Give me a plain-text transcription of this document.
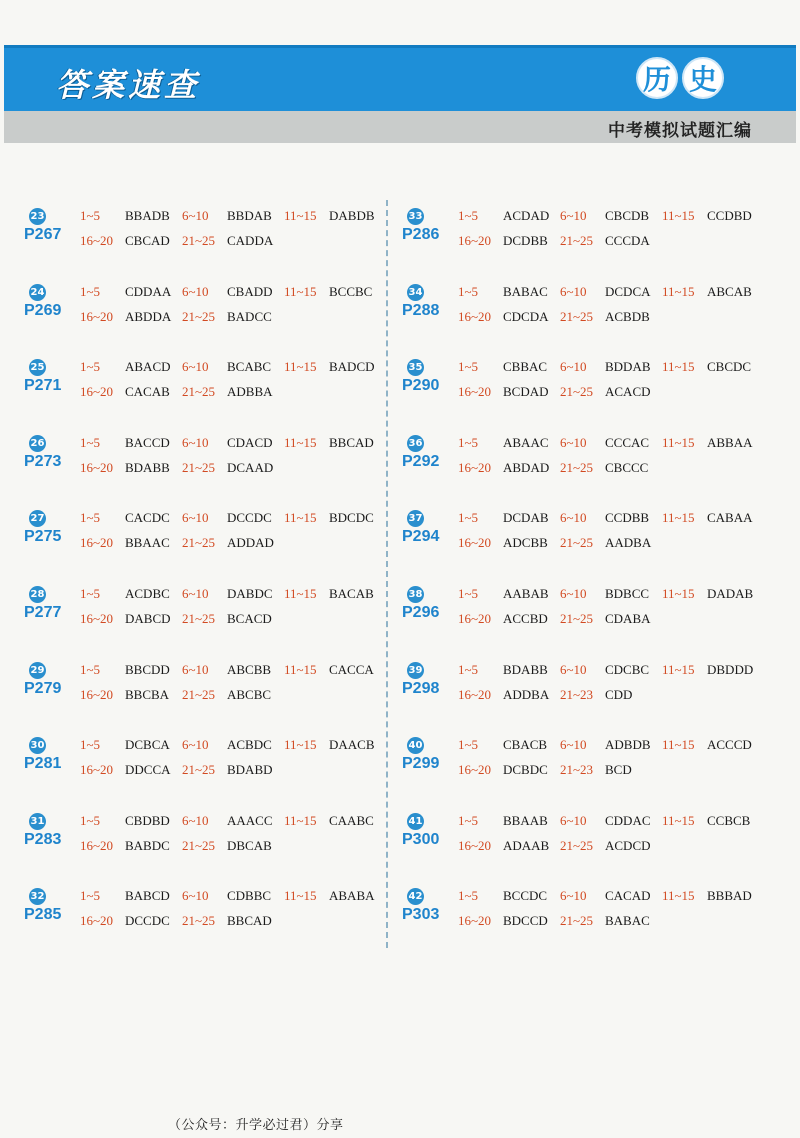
答案速查	历 史
中考模拟试题汇编
23
P267
1~5	BBADB 6~10	BBDAB 11~15 DABDB
16~20 CBCAD 21~25 CADDA
24
P269
1~5	CDDAA 6~10	CBADD 11~15 BCCBC
16~20 ABDDA 21~25 BADCC
25
P271
1~5	ABACD 6~10	BCABC 11~15 BADCD
16~20 CACAB 21~25 ADBBA
26
P273
1~5	BACCD 6~10	CDACD 11~15 BBCAD
16~20 BDABB 21~25 DCAAD
27
P275
1~5	CACDC 6~10	DCCDC 11~15 BDCDC
16~20 BBAAC 21~25 ADDAD
28
P277
1~5	ACDBC 6~10	DABDC 11~15 BACAB
16~20 DABCD 21~25 BCACD
29
P279
1~5	BBCDD 6~10	ABCBB 11~15 CACCA
16~20 BBCBA 21~25 ABCBC
30
P281
1~5	DCBCA 6~10	ACBDC 11~15 DAACB
16~20 DDCCA 21~25 BDABD
31
P283
1~5	CBDBD 6~10	AAACC 11~15 CAABC
16~20 BABDC 21~25 DBCAB
32
P285
1~5	BABCD 6~10	CDBBC 11~15 ABABA
16~20 DCCDC 21~25 BBCAD
33
P286
1~5	ACDAD 6~10	CBCDB 11~15 CCDBD
16~20 DCDBB 21~25 CCCDA
34
P288
1~5	BABAC 6~10	DCDCA 11~15 ABCAB
16~20 CDCDA 21~25 ACBDB
35
P290
1~5	CBBAC 6~10	BDDAB 11~15 CBCDC
16~20 BCDAD 21~25 ACACD
36
P292
1~5	ABAAC 6~10	CCCAC 11~15 ABBAA
16~20 ABDAD 21~25 CBCCC
37
P294
1~5	DCDAB 6~10	CCDBB 11~15 CABAA
16~20 ADCBB 21~25 AADBA
38
P296
1~5	AABAB 6~10	BDBCC 11~15 DADAB
16~20 ACCBD 21~25 CDABA
39
P298
1~5	BDABB 6~10	CDCBC 11~15 DBDDD
16~20 ADDBA 21~23 CDD
40
P299
1~5	CBACB 6~10	ADBDB 11~15 ACCCD
16~20 DCBDC 21~23 BCD
41
P300
1~5	BBAAB 6~10	CDDAC 11~15 CCBCB
16~20 ADAAB 21~25 ACDCD
42
P303
1~5	BCCDC 6~10	CACAD 11~15 BBBAD
16~20 BDCCD 21~25 BABAC
（公众号：升学必过君）分享
